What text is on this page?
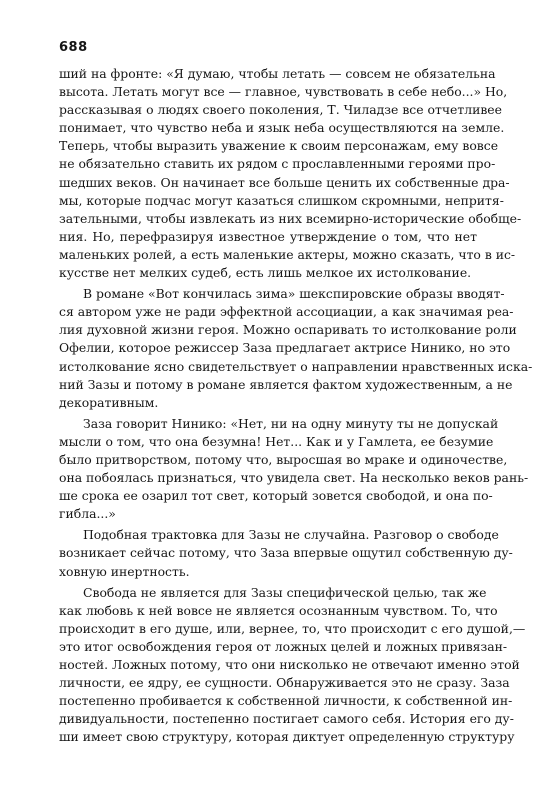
688
ший на фронте: «Я думаю, чтобы летать — совсем не обязательна
высота. Летать могут все — главное, чувствовать в себе небо...» Но,
рассказывая о людях своего поколения, Т. Чиладзе все отчетливее
понимает, что чувство неба и язык неба осуществляются на земле.
Теперь, чтобы выразить уважение к своим персонажам, ему вовсе
не обязательно ставить их рядом с прославленными героями про-
шедших веков. Он начинает все больше ценить их собственные дра-
мы, которые подчас могут казаться слишком скромными, непритя-
зательными, чтобы извлекать из них всемирно-исторические обобще-
ния. Но, перефразируя известное утверждение о том, что нет
маленьких ролей, а есть маленькие актеры, можно сказать, что в ис-
кусстве нет мелких судеб, есть лишь мелкое их истолкование.
В романе «Вот кончилась зима» шекспировские образы вводят-
ся автором уже не ради эффектной ассоциации, а как значимая реа-
лия духовной жизни героя. Можно оспаривать то истолкование роли
Офелии, которое режиссер Заза предлагает актрисе Нинико, но это
истолкование ясно свидетельствует о направлении нравственных иска-
ний Зазы и потому в романе является фактом художественным, а не
декоративным.
Заза говорит Нинико: «Нет, ни на одну минуту ты не допускай
мысли о том, что она безумна! Нет... Как и у Гамлета, ее безумие
было притворством, потому что, выросшая во мраке и одиночестве,
она побоялась признаться, что увидела свет. На несколько веков рань-
ше срока ее озарил тот свет, который зовется свободой, и она по-
гибла...»
Подобная трактовка для Зазы не случайна. Разговор о свободе
возникает сейчас потому, что Заза впервые ощутил собственную ду-
ховную инертность.
Свобода не является для Зазы специфической целью, так же
как любовь к ней вовсе не является осознанным чувством. То, что
происходит в его душе, или, вернее, то, что происходит с его душой,—
это итог освобождения героя от ложных целей и ложных привязан-
ностей. Ложных потому, что они нисколько не отвечают именно этой
личности, ее ядру, ее сущности. Обнаруживается это не сразу. Заза
постепенно пробивается к собственной личности, к собственной ин-
дивидуальности, постепенно постигает самого себя. История его ду-
ши имеет свою структуру, которая диктует определенную структуру
